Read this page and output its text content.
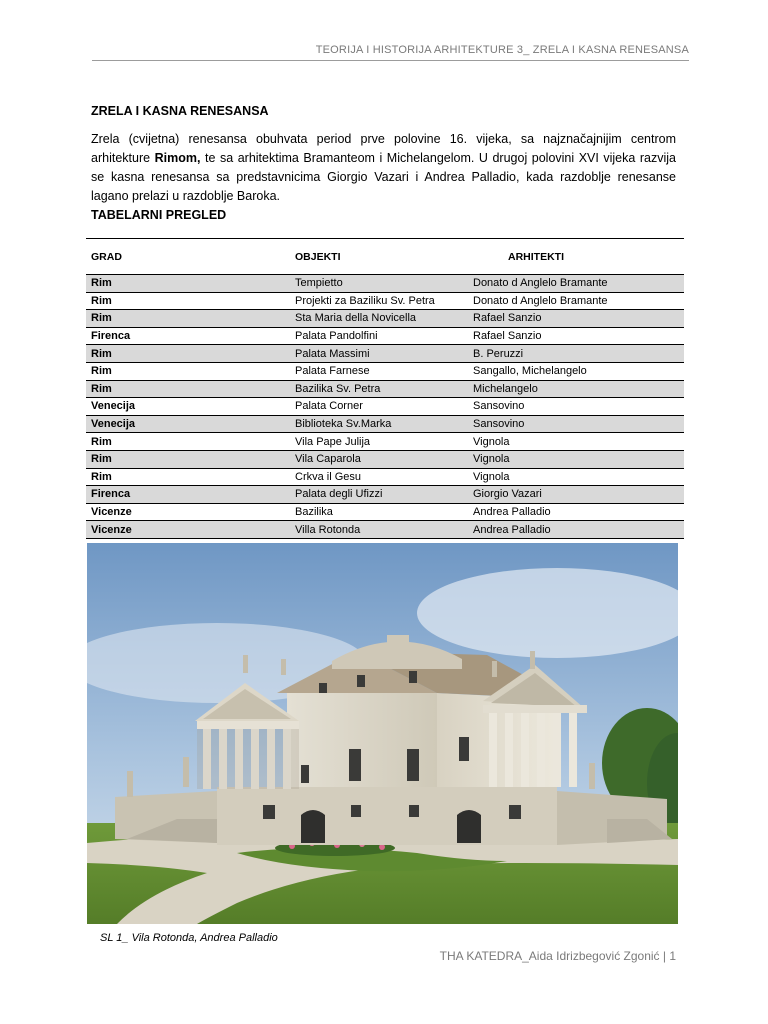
TEORIJA I HISTORIJA ARHITEKTURE 3_ ZRELA I KASNA RENESANSA
ZRELA I KASNA RENESANSA

Zrela (cvijetna) renesansa obuhvata period prve polovine 16. vijeka, sa najznačajnijim centrom arhitekture Rimom, te sa arhitektima Bramanteom i Michelangelom. U drugoj polovini XVI vijeka razvija se kasna renesansa sa predstavnicima Giorgio Vazari i Andrea Palladio, kada razdoblje renesanse lagano prelazi u razdoblje Baroka.

TABELARNI PREGLED
GRAD	OBJEKTI	ARHITEKTI
Rim	Tempietto	Donato d Anglelo Bramante
Rim	Projekti za Baziliku Sv. Petra	Donato d Anglelo Bramante
Rim	Sta Maria della Novicella	Rafael Sanzio
Firenca	Palata Pandolfini	Rafael Sanzio
Rim	Palata Massimi	B. Peruzzi
Rim	Palata Farnese	Sangallo, Michelangelo
Rim	Bazilika Sv. Petra	Michelangelo
Venecija	Palata Corner	Sansovino
Venecija	Biblioteka Sv.Marka	Sansovino
Rim	Vila Pape Julija	Vignola
Rim	Vila Caparola	Vignola
Rim	Crkva il Gesu	Vignola
Firenca	Palata degli Ufizzi	Giorgio Vazari
Vicenze	Bazilika	Andrea Palladio
Vicenze	Villa Rotonda	Andrea Palladio
SL 1_ Vila Rotonda, Andrea Palladio
THA KATEDRA_Aida Idrizbegović Zgonić | 1
